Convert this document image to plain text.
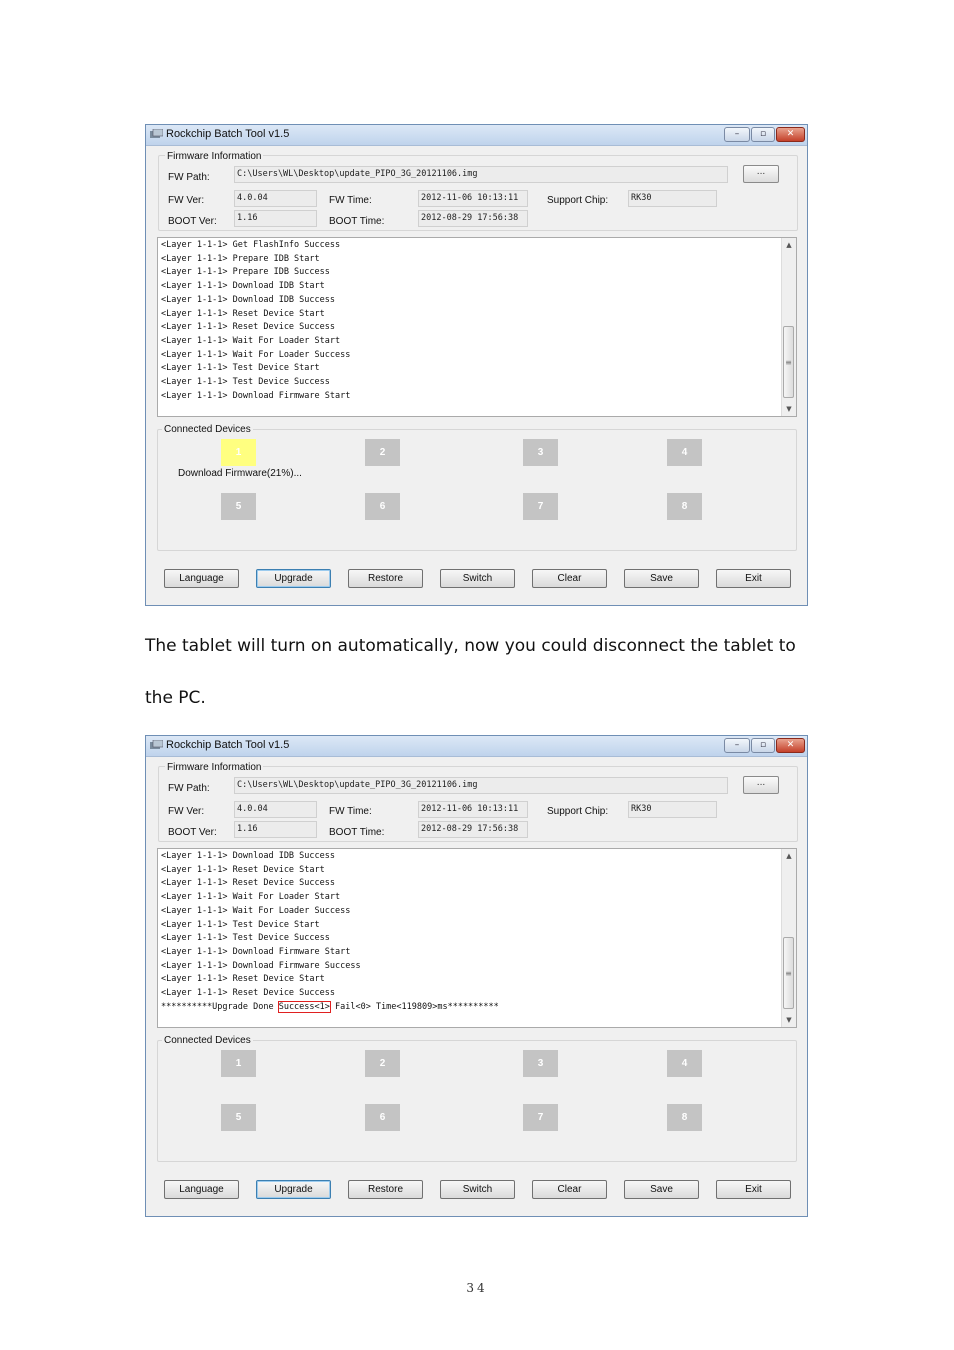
Rockchip Batch Tool v1.5	–	▫	✕
Firmware Information
FW Path:	C:\Users\WL\Desktop\update_PIPO_3G_20121106.img	...
FW Ver:	4.0.04	FW Time:	2012-11-06 10:13:11	Support Chip:	RK30
BOOT Ver:	1.16	BOOT Time:	2012-08-29 17:56:38
<Layer 1-1-1> Get FlashInfo Success
<Layer 1-1-1> Prepare IDB Start
<Layer 1-1-1> Prepare IDB Success
<Layer 1-1-1> Download IDB Start
<Layer 1-1-1> Download IDB Success
<Layer 1-1-1> Reset Device Start
<Layer 1-1-1> Reset Device Success
<Layer 1-1-1> Wait For Loader Start
<Layer 1-1-1> Wait For Loader Success
<Layer 1-1-1> Test Device Start
<Layer 1-1-1> Test Device Success
<Layer 1-1-1> Download Firmware Start
▲
≡
▼
Connected Devices
1	2	3	4
Download Firmware(21%)...
5	6	7	8
Language	Upgrade	Restore	Switch	Clear	Save	Exit
The tablet will turn on automatically, now you could disconnect the tablet to
the PC.
Rockchip Batch Tool v1.5	–	▫	✕
Firmware Information
FW Path:	C:\Users\WL\Desktop\update_PIPO_3G_20121106.img	...
FW Ver:	4.0.04	FW Time:	2012-11-06 10:13:11	Support Chip:	RK30
BOOT Ver:	1.16	BOOT Time:	2012-08-29 17:56:38
<Layer 1-1-1> Download IDB Success
<Layer 1-1-1> Reset Device Start
<Layer 1-1-1> Reset Device Success
<Layer 1-1-1> Wait For Loader Start
<Layer 1-1-1> Wait For Loader Success
<Layer 1-1-1> Test Device Start
<Layer 1-1-1> Test Device Success
<Layer 1-1-1> Download Firmware Start
<Layer 1-1-1> Download Firmware Success
<Layer 1-1-1> Reset Device Start
<Layer 1-1-1> Reset Device Success
**********Upgrade Done Success<1> Fail<0> Time<119809>ms**********
▲
≡
▼
Connected Devices
1	2	3	4
5	6	7	8
Language	Upgrade	Restore	Switch	Clear	Save	Exit
34
